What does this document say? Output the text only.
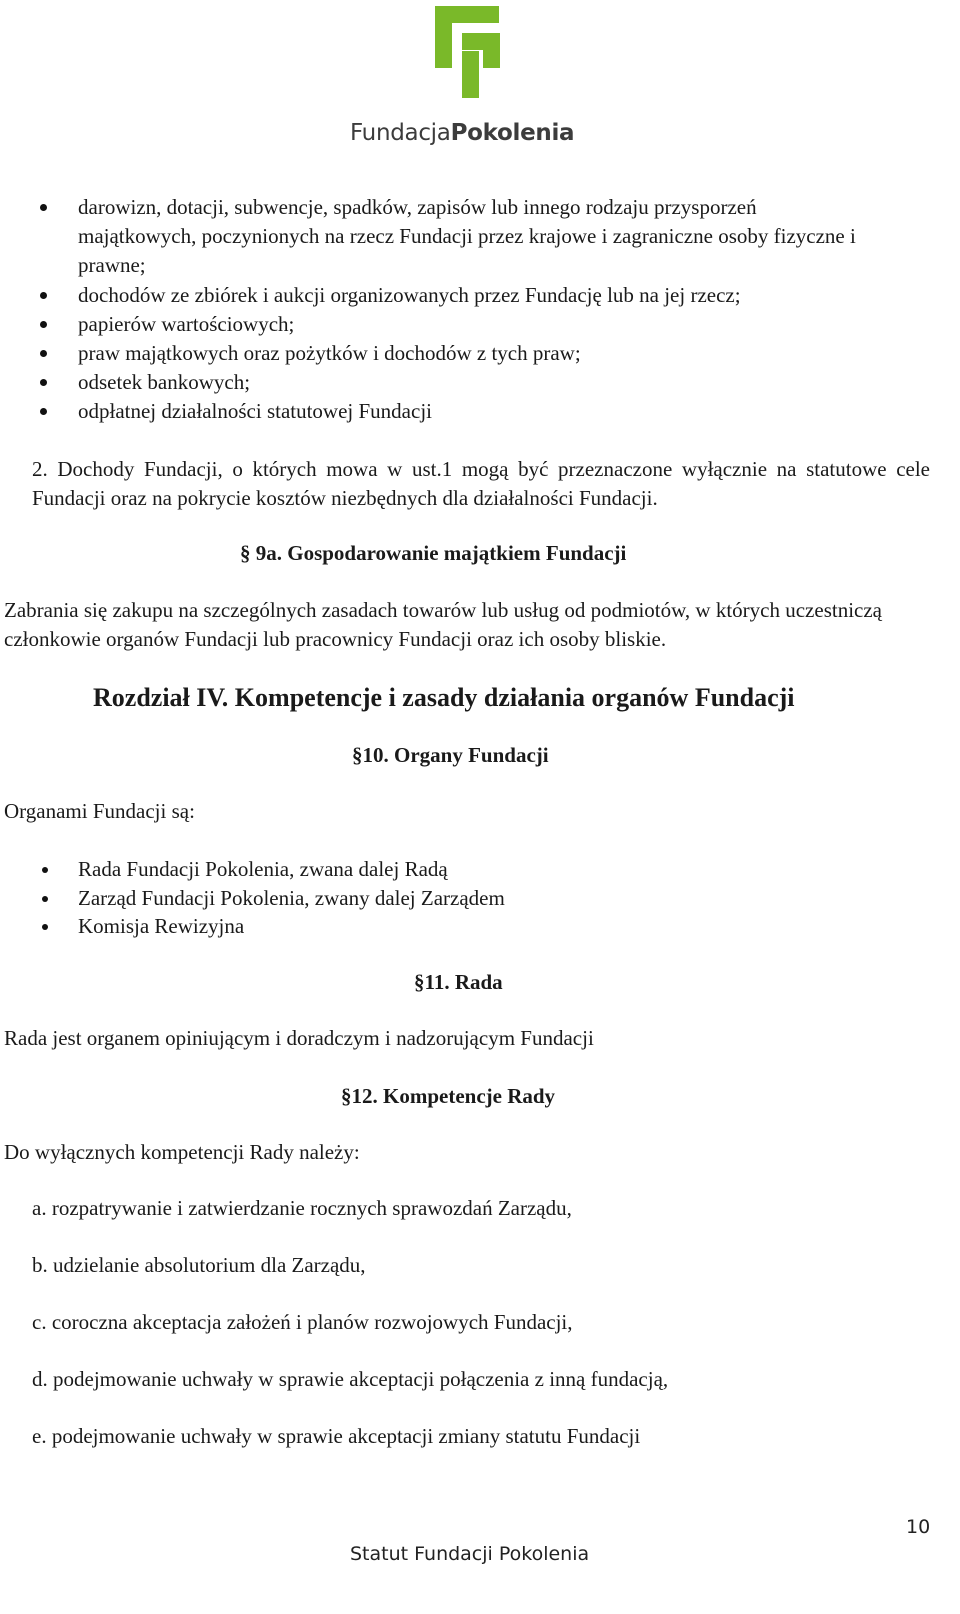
FundacjaPokolenia
darowizn, dotacji, subwencje, spadków, zapisów lub innego rodzaju przysporzeń majątkowych, poczynionych na rzecz Fundacji przez krajowe i zagraniczne osoby fizyczne i prawne;
dochodów ze zbiórek i aukcji organizowanych przez Fundację lub na jej rzecz;
papierów wartościowych;
praw majątkowych oraz pożytków i dochodów z tych praw;
odsetek bankowych;
odpłatnej działalności statutowej Fundacji
2. Dochody Fundacji, o których mowa w ust.1 mogą być przeznaczone wyłącznie na statutowe cele Fundacji oraz na pokrycie kosztów niezbędnych dla działalności Fundacji.
§ 9a. Gospodarowanie majątkiem Fundacji
Zabrania się zakupu na szczególnych zasadach towarów lub usług od podmiotów, w których uczestniczą członkowie organów Fundacji lub pracownicy Fundacji oraz ich osoby bliskie.
Rozdział IV. Kompetencje i zasady działania organów Fundacji
§10. Organy Fundacji
Organami Fundacji są:
Rada Fundacji Pokolenia, zwana dalej Radą
Zarząd Fundacji Pokolenia, zwany dalej Zarządem
Komisja Rewizyjna
§11. Rada
Rada jest organem opiniującym i doradczym i nadzorującym Fundacji
§12. Kompetencje Rady
Do wyłącznych kompetencji Rady należy:
a. rozpatrywanie i zatwierdzanie rocznych sprawozdań Zarządu,
b. udzielanie absolutorium dla Zarządu,
c. coroczna akceptacja założeń i planów rozwojowych Fundacji,
d. podejmowanie uchwały w sprawie akceptacji połączenia z inną fundacją,
e. podejmowanie uchwały w sprawie akceptacji zmiany statutu Fundacji
10
Statut Fundacji Pokolenia
